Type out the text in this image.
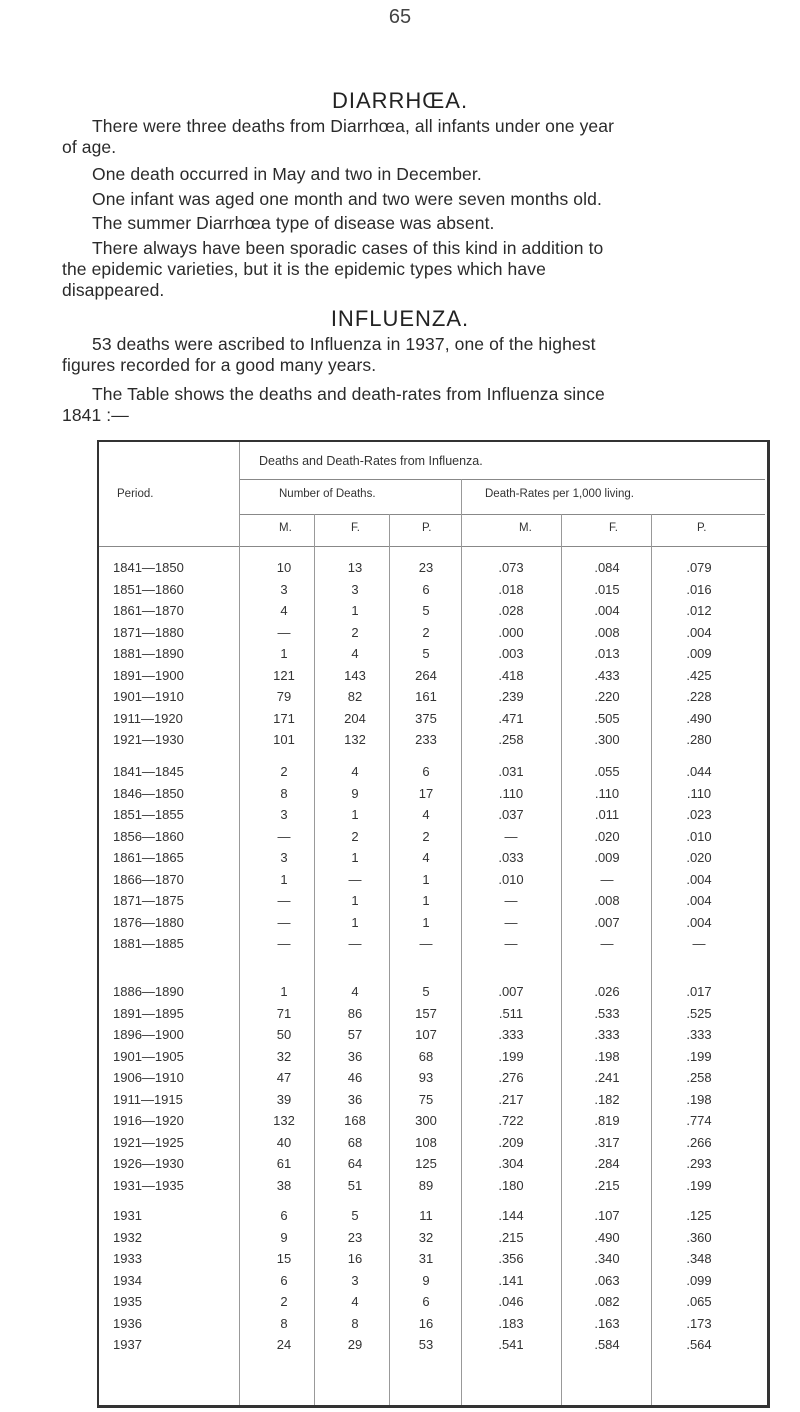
65
DIARRHŒA.
There were three deaths from Diarrhœa, all infants under one year
of age.
One death occurred in May and two in December.
One infant was aged one month and two were seven months old.
The summer Diarrhœa type of disease was absent.
There always have been sporadic cases of this kind in addition to
the epidemic varieties, but it is the epidemic types which have
disappeared.
INFLUENZA.
53 deaths were ascribed to Influenza in 1937, one of the highest
figures recorded for a good many years.
The Table shows the deaths and death-rates from Influenza since
1841 :—
Deaths and Death-Rates from Influenza.
Period.	Number of Deaths.	Death-Rates per 1,000 living.
M.	F.	P.	M.	F.	P.
1841—1850	10	13	23	.073	.084	.079
1851—1860	3	3	6	.018	.015	.016
1861—1870	4	1	5	.028	.004	.012
1871—1880	—	2	2	.000	.008	.004
1881—1890	1	4	5	.003	.013	.009
1891—1900	121	143	264	.418	.433	.425
1901—1910	79	82	161	.239	.220	.228
1911—1920	171	204	375	.471	.505	.490
1921—1930	101	132	233	.258	.300	.280
1841—1845	2	4	6	.031	.055	.044
1846—1850	8	9	17	.110	.110	.110
1851—1855	3	1	4	.037	.011	.023
1856—1860	—	2	2	—	.020	.010
1861—1865	3	1	4	.033	.009	.020
1866—1870	1	—	1	.010	—	.004
1871—1875	—	1	1	—	.008	.004
1876—1880	—	1	1	—	.007	.004
1881—1885	—	—	—	—	—	—
1886—1890	1	4	5	.007	.026	.017
1891—1895	71	86	157	.511	.533	.525
1896—1900	50	57	107	.333	.333	.333
1901—1905	32	36	68	.199	.198	.199
1906—1910	47	46	93	.276	.241	.258
1911—1915	39	36	75	.217	.182	.198
1916—1920	132	168	300	.722	.819	.774
1921—1925	40	68	108	.209	.317	.266
1926—1930	61	64	125	.304	.284	.293
1931—1935	38	51	89	.180	.215	.199
1931	6	5	11	.144	.107	.125
1932	9	23	32	.215	.490	.360
1933	15	16	31	.356	.340	.348
1934	6	3	9	.141	.063	.099
1935	2	4	6	.046	.082	.065
1936	8	8	16	.183	.163	.173
1937	24	29	53	.541	.584	.564
